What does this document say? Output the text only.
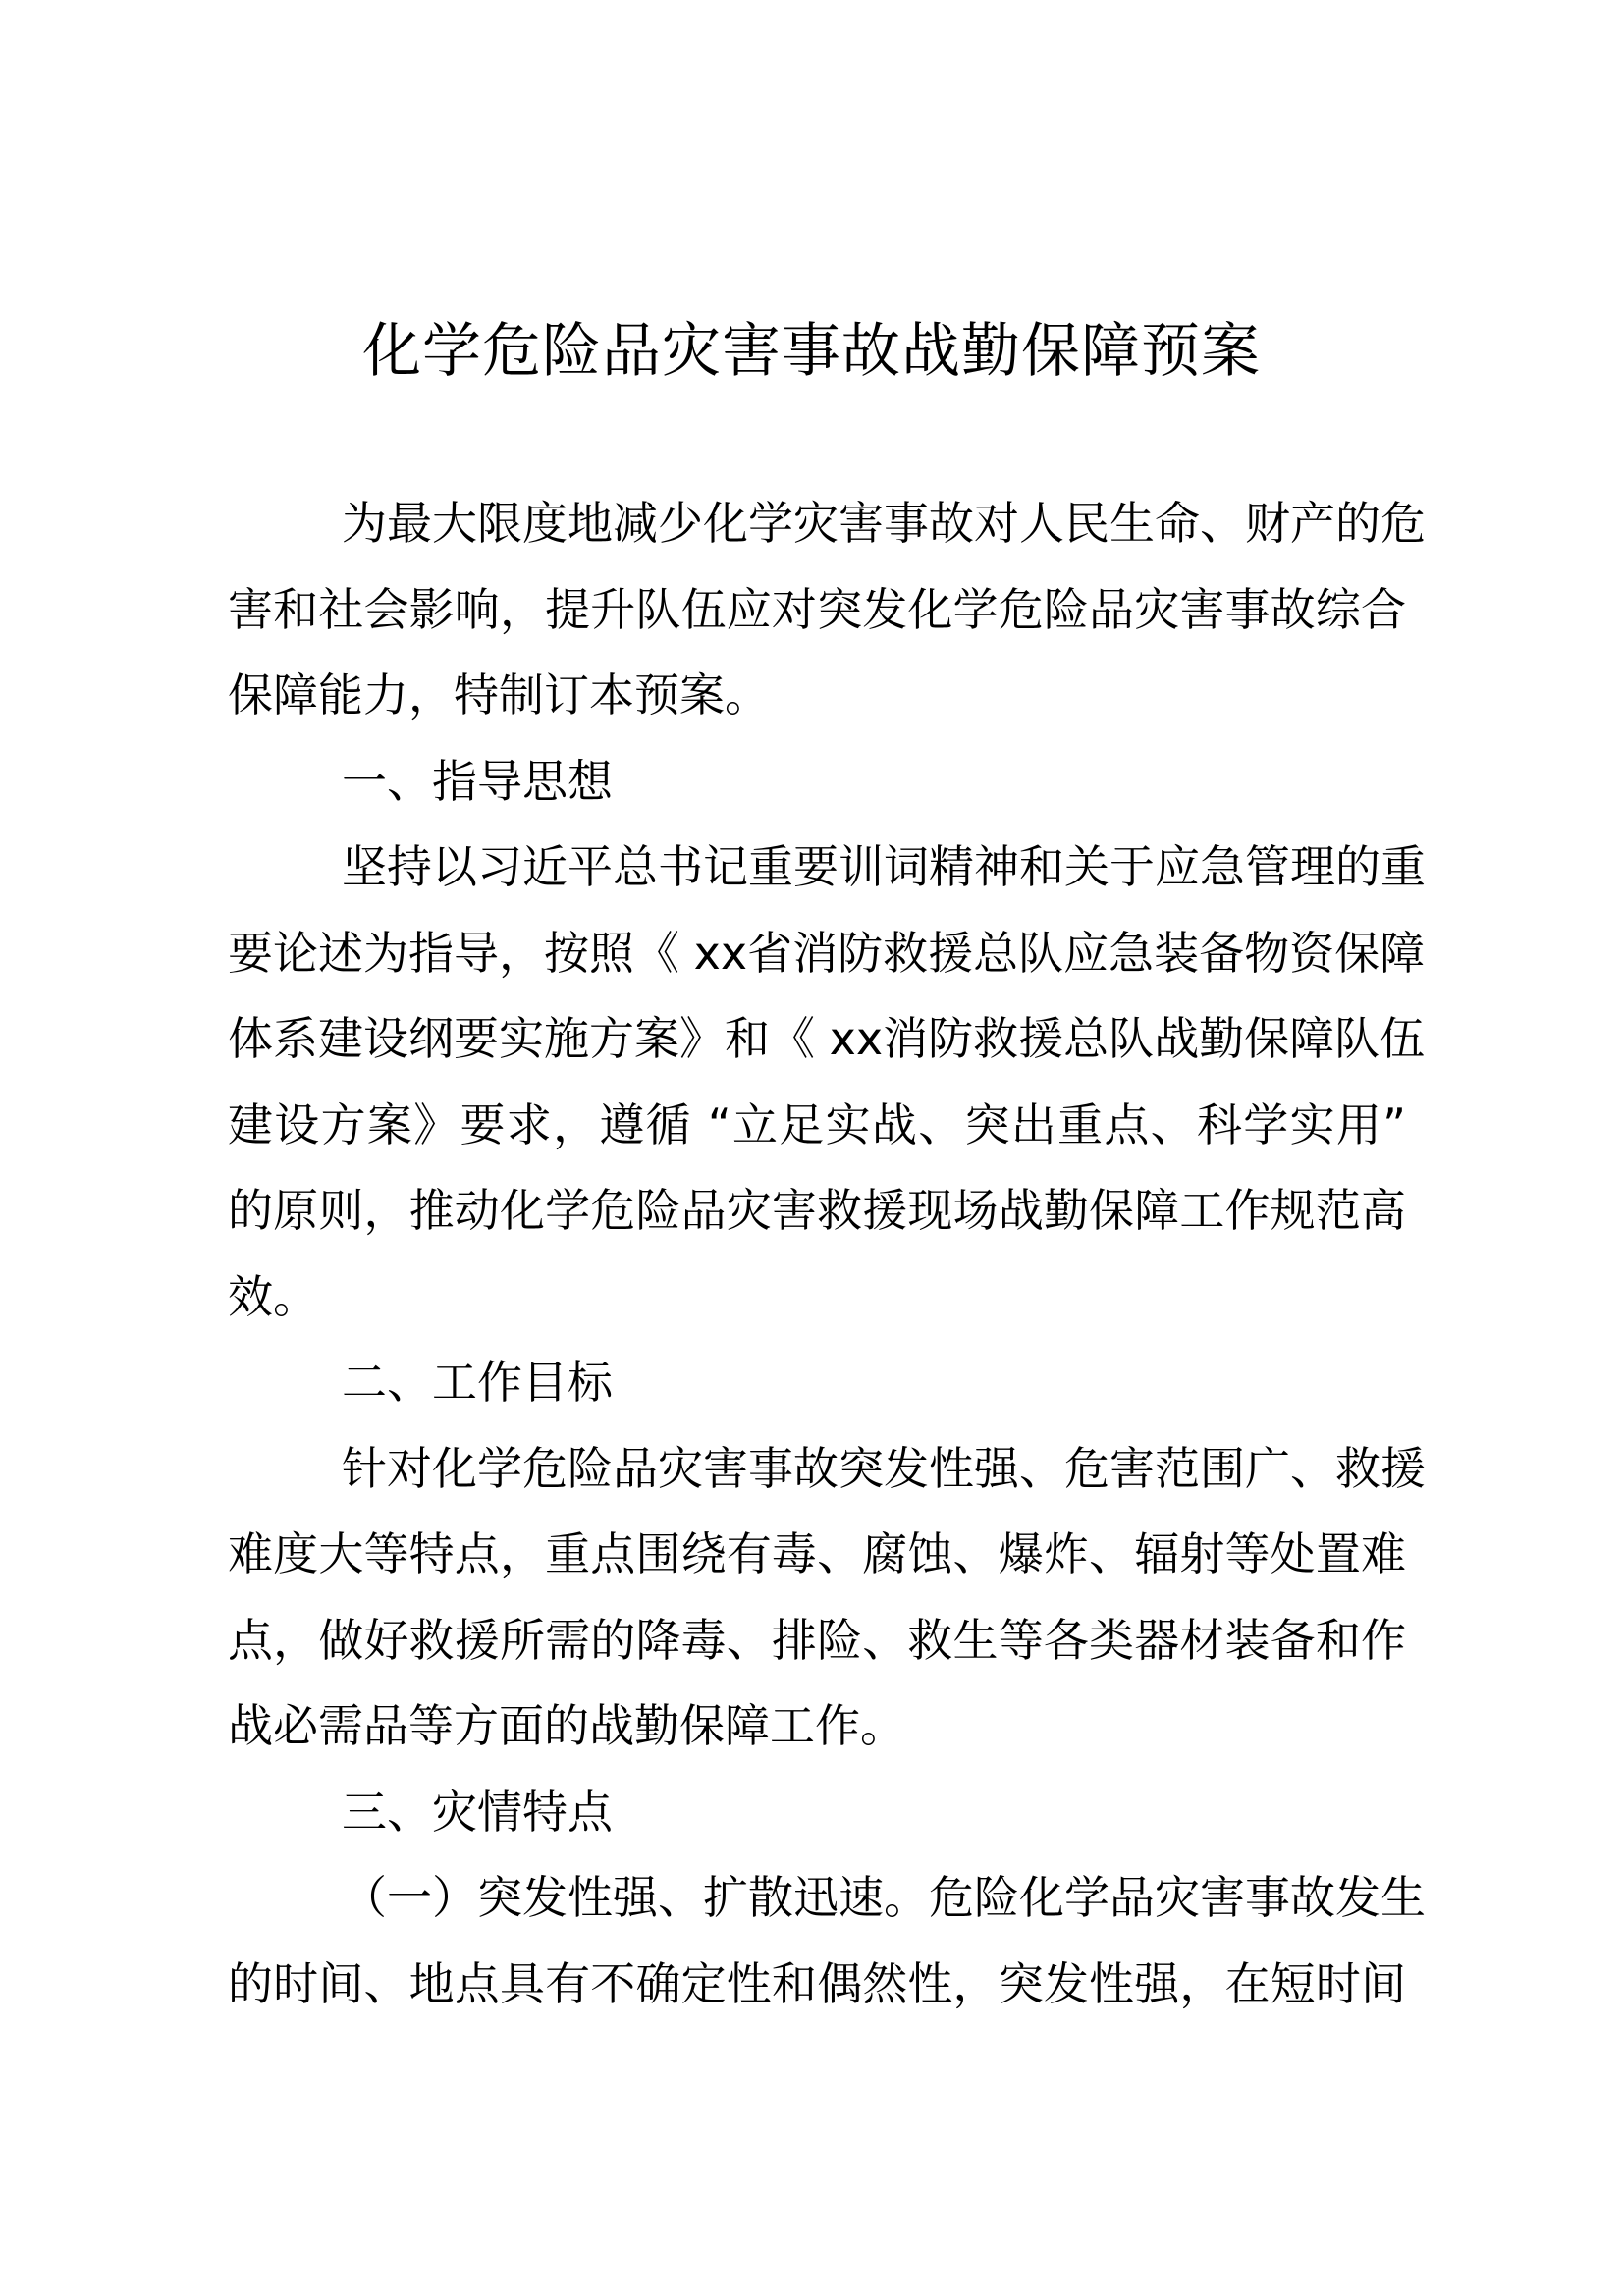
化学危险品灾害事故战勤保障预案
为最大限度地减少化学灾害事故对人民生命、财产的危
害和社会影响，提升队伍应对突发化学危险品灾害事故综合
保障能力，特制订本预案。
一、指导思想
坚持以习近平总书记重要训词精神和关于应急管理的重
要论述为指导，按照《 xx省消防救援总队应急装备物资保障
体系建设纲要实施方案》和《 xx消防救援总队战勤保障队伍
建设方案》要求，遵循 “立足实战、突出重点、科学实用”
的原则，推动化学危险品灾害救援现场战勤保障工作规范高
效。
二、工作目标
针对化学危险品灾害事故突发性强、危害范围广、救援
难度大等特点，重点围绕有毒、腐蚀、爆炸、辐射等处置难
点，做好救援所需的降毒、排险、救生等各类器材装备和作
战必需品等方面的战勤保障工作。
三、灾情特点
（一）突发性强、扩散迅速。危险化学品灾害事故发生
的时间、地点具有不确定性和偶然性，突发性强，在短时间
